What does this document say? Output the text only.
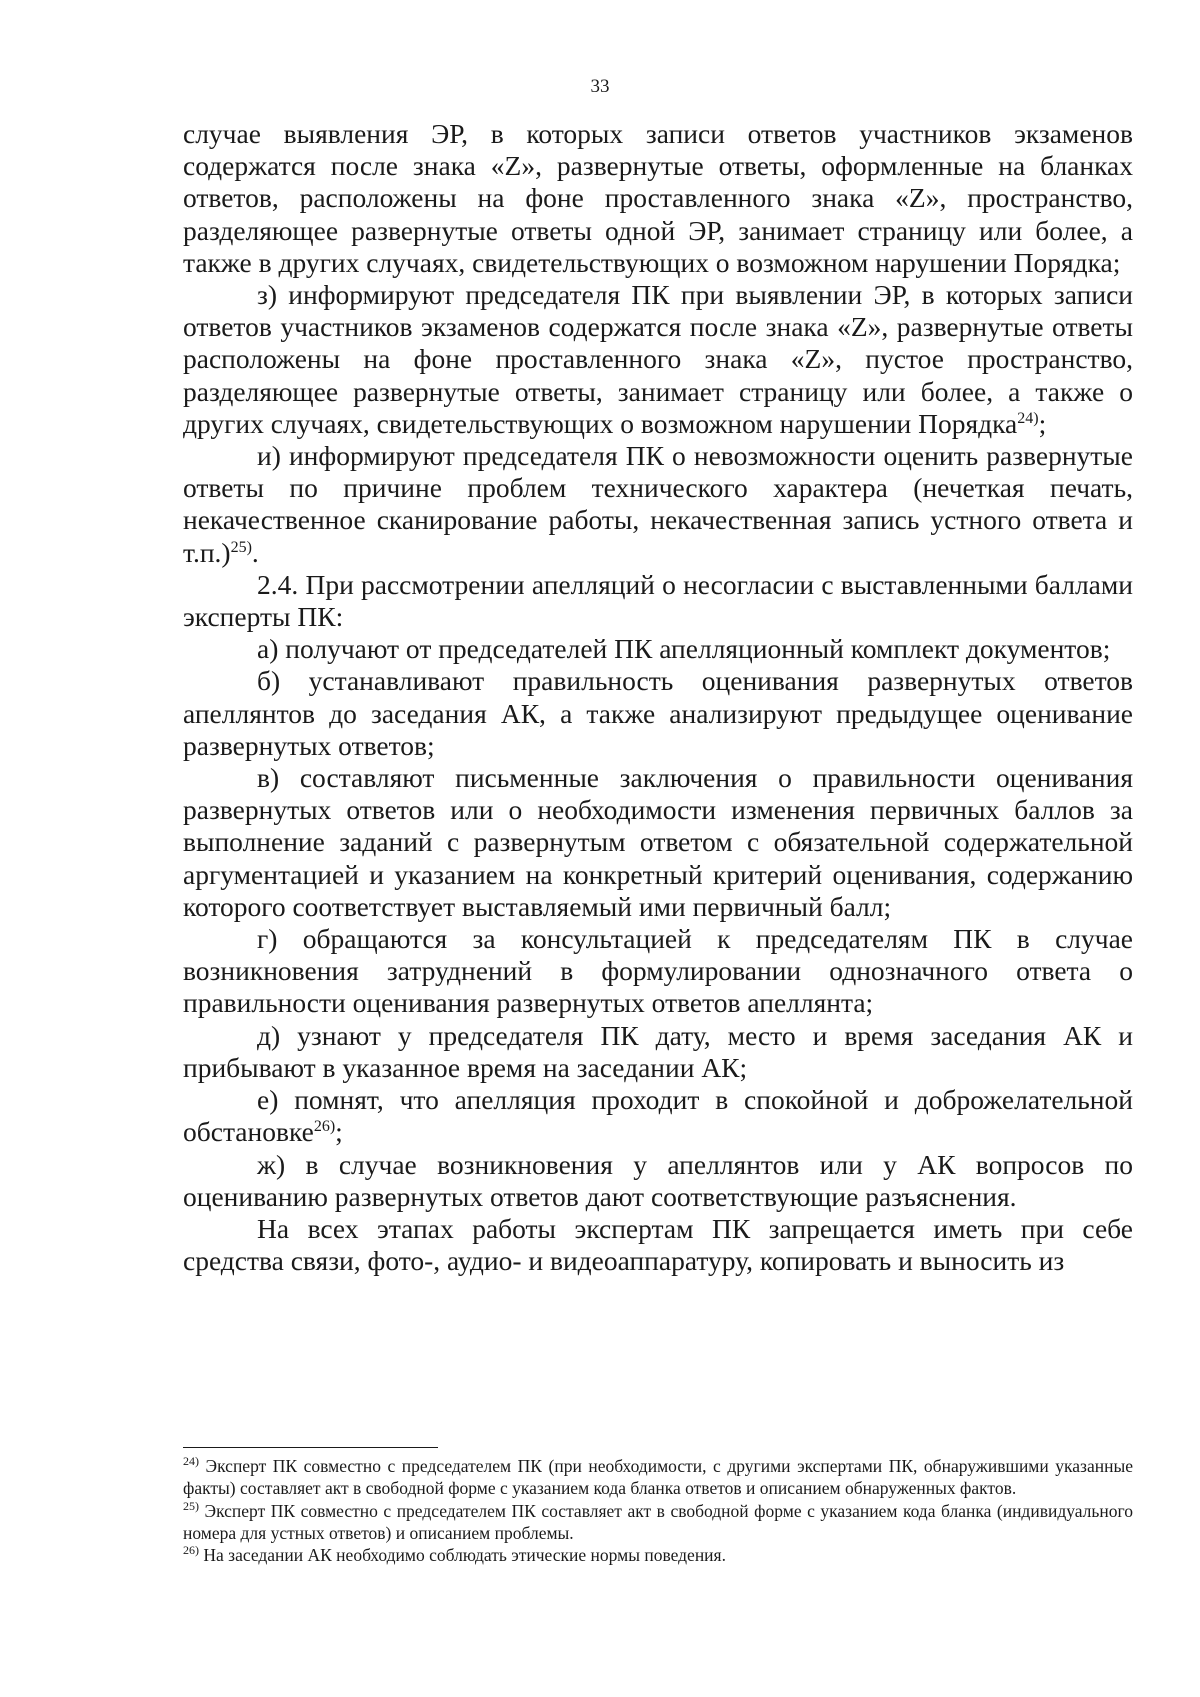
33

случае выявления ЭР, в которых записи ответов участников экзаменов содержатся после знака «Z», развернутые ответы, оформленные на бланках ответов, расположены на фоне проставленного знака «Z», пространство, разделяющее развернутые ответы одной ЭР, занимает страницу или более, а также в других случаях, свидетельствующих о возможном нарушении Порядка;

з) информируют председателя ПК при выявлении ЭР, в которых записи ответов участников экзаменов содержатся после знака «Z», развернутые ответы расположены на фоне проставленного знака «Z», пустое пространство, разделяющее развернутые ответы, занимает страницу или более, а также о других случаях, свидетельствующих о возможном нарушении Порядка$^{24)}$;

и) информируют председателя ПК о невозможности оценить развернутые ответы по причине проблем технического характера (нечеткая печать, некачественное сканирование работы, некачественная запись устного ответа и т.п.)$^{25)}$.

2.4. При рассмотрении апелляций о несогласии с выставленными баллами эксперты ПК:

а) получают от председателей ПК апелляционный комплект документов;

б) устанавливают правильность оценивания развернутых ответов апеллянтов до заседания АК, а также анализируют предыдущее оценивание развернутых ответов;

в) составляют письменные заключения о правильности оценивания развернутых ответов или о необходимости изменения первичных баллов за выполнение заданий с развернутым ответом с обязательной содержательной аргументацией и указанием на конкретный критерий оценивания, содержанию которого соответствует выставляемый ими первичный балл;

г) обращаются за консультацией к председателям ПК в случае возникновения затруднений в формулировании однозначного ответа о правильности оценивания развернутых ответов апеллянта;

д) узнают у председателя ПК дату, место и время заседания АК и прибывают в указанное время на заседании АК;

е) помнят, что апелляция проходит в спокойной и доброжелательной обстановке$^{26)}$;

ж) в случае возникновения у апеллянтов или у АК вопросов по оцениванию развернутых ответов дают соответствующие разъяснения.

На всех этапах работы экспертам ПК запрещается иметь при себе средства связи, фото-, аудио- и видеоаппаратуру, копировать и выносить из

$^{24)}$ Эксперт ПК совместно с председателем ПК (при необходимости, с другими экспертами ПК, обнаружившими указанные факты) составляет акт в свободной форме с указанием кода бланка ответов и описанием обнаруженных фактов.

$^{25)}$ Эксперт ПК совместно с председателем ПК составляет акт в свободной форме с указанием кода бланка (индивидуального номера для устных ответов) и описанием проблемы.

$^{26)}$ На заседании АК необходимо соблюдать этические нормы поведения.
